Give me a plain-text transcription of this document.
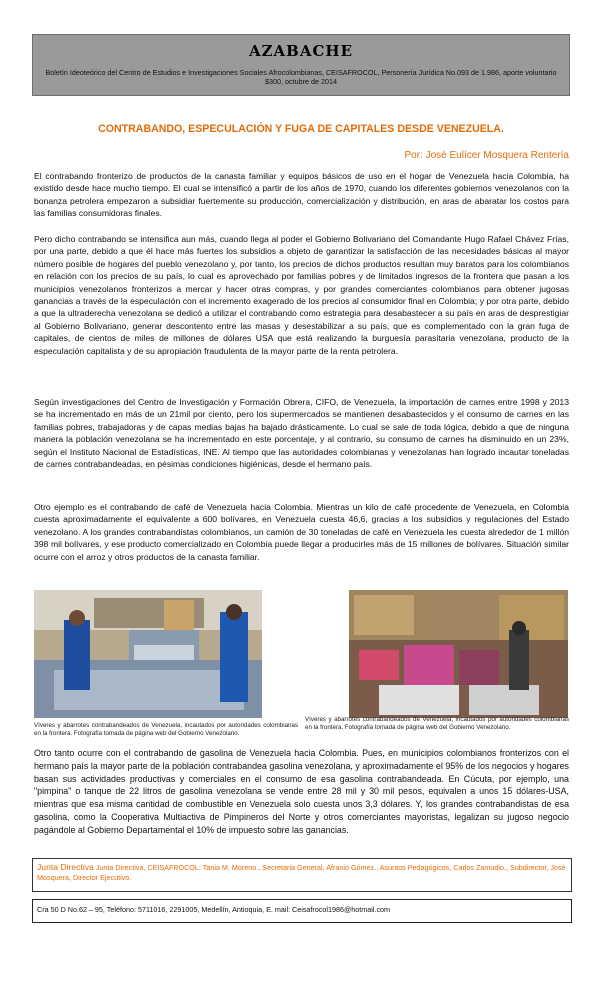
AZABACHE
Boletín Ideoteórico del Centro de Estudios e Investigaciones Sociales Afrocolombianas, CEISAFROCOL, Personería Jurídica No.093 de 1.986, aporte voluntario $300, octubre de 2014
CONTRABANDO, ESPECULACIÓN Y FUGA DE CAPITALES DESDE VENEZUELA.
Por: José Eulícer Mosquera Rentería

El contrabando fronterizo de productos de la canasta familiar y equipos básicos de uso en el hogar de Venezuela hacia Colombia, ha existido desde hace mucho tiempo. El cual se intensificó a partir de los años de 1970, cuando los diferentes gobiernos venezolanos con la bonanza petrolera empezaron a subsidiar fuertemente su producción, comercialización y distribución, en aras de abaratar los costos para las familias consumidoras finales.

Pero dicho contrabando se intensifica aun más, cuando llega al poder el Gobierno Bolivariano del Comandante Hugo Rafael Chávez Frías, por una parte, debido a que él hace más fuertes los subsidios a objeto de garantizar la satisfacción de las necesidades básicas al mayor número posible de hogares del pueblo venezolano y, por tanto, los precios de dichos productos resultan muy baratos para los colombianos en relación con los precios de su país, lo cual es aprovechado por familias pobres y de limitados ingresos de la frontera que pasan a los municipios venezolanos fronterizos a mercar y hacer otras compras, y por grandes comerciantes colombianos para obtener jugosas ganancias a través de la especulación con el incremento exagerado de los precios al consumidor final en Colombia; y por otra parte, debido a que la ultraderecha venezolana se dedicó a utilizar el contrabando como estrategia para desabastecer a su país en aras de desprestigiar al Gobierno Bolivariano, generar descontento entre las masas y desestabilizar a su país, que es complementado con la gran fuga de capitales, de cientos de miles de millones de dólares USA que está realizando la burguesía parasitaria venezolana, producto de la especulación capitalista y de su apropiación fraudulenta de la mayor parte de la renta petrolera.

Según investigaciones del Centro de Investigación y Formación Obrera, CIFO, de Venezuela, la importación de carnes entre 1998 y 2013 se ha incrementado en más de un 21mil por ciento, pero los supermercados se mantienen desabastecidos y el consumo de carnes en las familias pobres, trabajadoras y de capas medias bajas ha bajado drásticamente. Lo cual se sale de toda lógica, debido a que de ninguna manera la población venezolana se ha incrementado en este porcentaje, y al contrario, su consumo de carnes ha disminuido en un 23%, según el Instituto Nacional de Estadísticas, INE. Al tiempo que las autoridades colombianas y venezolanas han logrado incautar toneladas de carnes contrabandeadas, en pésimas condiciones higiénicas, desde el hermano país.

Otro ejemplo es el contrabando de café de Venezuela hacia Colombia. Mientras un kilo de café procedente de Venezuela, en Colombia cuesta aproximadamente el equivalente a 600 bolívares, en Venezuela cuesta 46,6, gracias a los subsidios y regulaciones del Estado venezolano. A los grandes contrabandistas colombianos, un camión de 30 toneladas de café en Venezuela les cuesta alrededor de 1 millón 398 mil bolívares, y ese producto comercializado en Colombia puede llegar a producirles más de 15 millones de bolívares. Situación similar ocurre con el arroz y otros productos de la canasta familiar.

Víveres y abarrotes contrabandeados de Venezuela, incautados por autoridades colombianas en la frontera. Fotografía tomada de página web del Gobierno Venezolano.

Víveres y abarrotes contrabandeados de Venezuela, incautados por autoridades colombianas en la frontera. Fotografía tomada de página web del Gobierno Venezolano.

Otro tanto ocurre con el contrabando de gasolina de Venezuela hacia Colombia. Pues, en municipios colombianos fronterizos con el hermano país la mayor parte de la población contrabandea gasolina venezolana, y aproximadamente el 95% de los negocios y hogares basan sus actividades productivas y comerciales en el consumo de esa gasolina contrabandeada. En Cúcuta, por ejemplo, una "pimpina" o tanque de 22 litros de gasolina venezolana se vende entre 28 mil y 30 mil pesos, equivalen a unos 15 dólares-USA, mientras que esa misma cantidad de combustible en Venezuela solo cuesta unos 3,3 dólares. Y, los grandes contrabandistas de esa gasolina, como la Cooperativa Multiactiva de Pimpineros del Norte y otros comerciantes mayoristas, legalizan su jugoso negocio pagándole al Gobierno Departamental el 10% de impuesto sobre las ganancias.

Junta Directiva Junta Directiva, CEISAFROCOL: Tania M. Moreno., Secretaria General, Afranio Gómez., Asuntos Pedagógicos, Carlos Zamudio., Subdirector, José Mosquera, Director Ejecutivo.
Cra 50 D No.62 – 95, Teléfono: 5711016, 2291005, Medellín, Antioquia, E. mail: Ceisafrocol1986@hotmail.com
